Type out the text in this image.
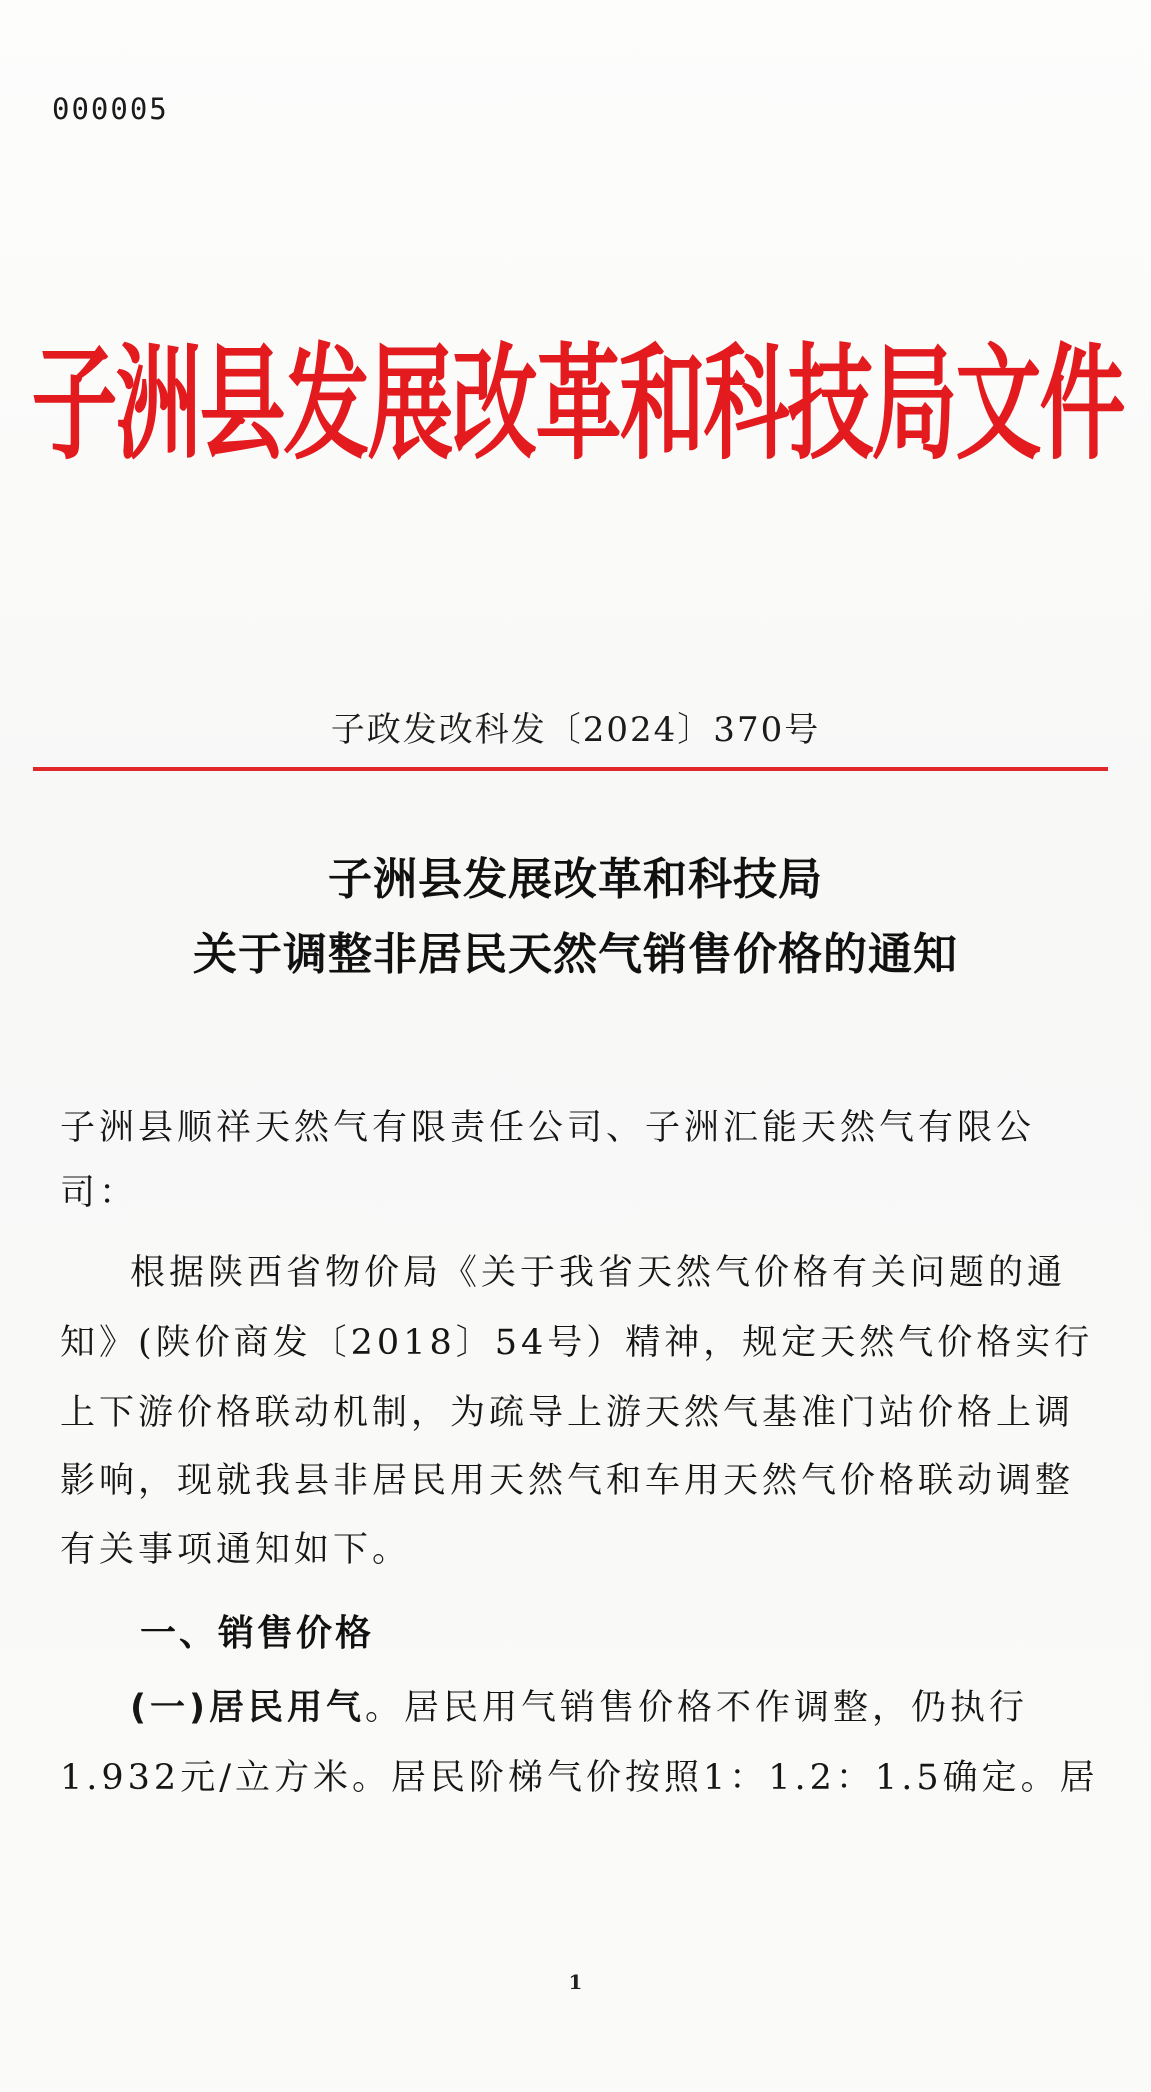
000005
子洲县发展改革和科技局文件
子政发改科发〔2024〕370号
子洲县发展改革和科技局
关于调整非居民天然气销售价格的通知
子洲县顺祥天然气有限责任公司、子洲汇能天然气有限公
司：
根据陕西省物价局《关于我省天然气价格有关问题的通
知》(陕价商发〔2018〕54号）精神，规定天然气价格实行
上下游价格联动机制，为疏导上游天然气基准门站价格上调
影响，现就我县非居民用天然气和车用天然气价格联动调整
有关事项通知如下。
一、销售价格
(一)居民用气。居民用气销售价格不作调整，仍执行
1.932元/立方米。居民阶梯气价按照1：1.2：1.5确定。居
1
